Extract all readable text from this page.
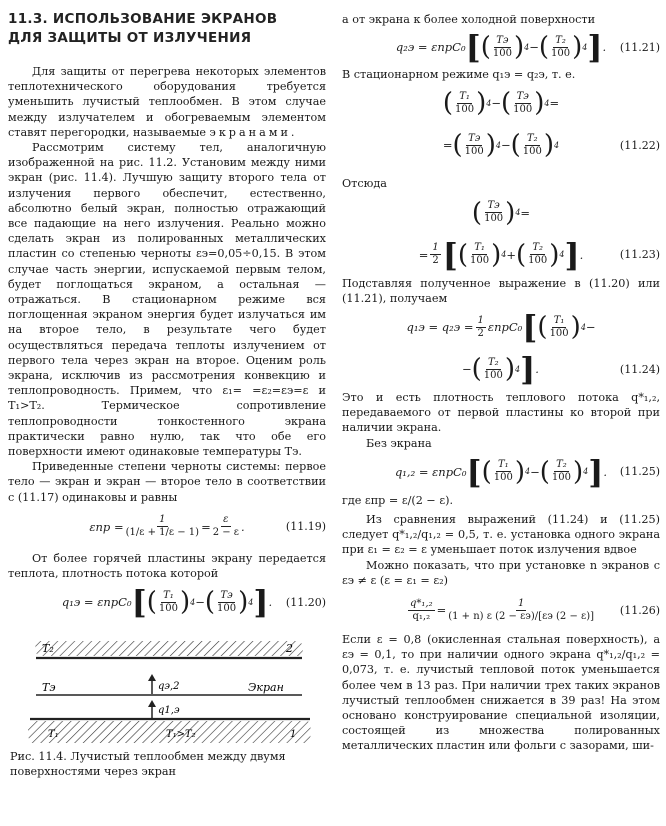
11.3. ИСПОЛЬЗОВАНИЕ ЭКРАНОВ
ДЛЯ ЗАЩИТЫ ОТ ИЗЛУЧЕНИЯ

Для защиты от перегрева некоторых элементов теплотехнического оборудования требуется уменьшить лучистый теплообмен. В этом случае между излучателем и обогреваемым элементом ставят перегородки, называемые экранами.

Рассмотрим систему тел, аналогичную изображенной на рис. 11.2. Установим между ними экран (рис. 11.4). Лучшую защиту второго тела от излучения первого обеспечит, естественно, абсолютно белый экран, полностью отражающий все падающие на него излучения. Реально можно сделать экран из полированных металлических пластин со степенью черноты εэ=0,05÷0,15. В этом случае часть энергии, испускаемой первым телом, будет поглощаться экраном, а остальная — отражаться. В стационарном режиме вся поглощенная экраном энергия будет излучаться им на второе тело, в результате чего будет осуществляться передача теплоты излучением от первого тела через экран на второе. Оценим роль экрана, исключив из рассмотрения конвекцию и теплопроводность. Примем, что ε₁= =ε₂=εэ=ε и T₁>T₂. Термическое сопротивление теплопроводности тонкостенного экрана практически равно нулю, так что обе его поверхности имеют одинаковые температуры Tэ.

Приведенные степени черноты системы: первое тело — экран и экран — второе тело в соответствии с (11.17) одинаковы и равны

$\varepsilon пр = \frac{1}{(1/\varepsilon + 1/\varepsilon - 1)} = \frac{\varepsilon}{2 - \varepsilon}$ .	(11.19)

От более горячей пластины экрану передается теплота, плотность потока которой

q₁э = εпрC₀ [ ( $\frac{\text{T₁}}{100}$ ) 4 − ( $\frac{Tэ}{100}$ ) 4 ] . (11.20)
T₂	2
Tэ	qэ,2	Экран
q1,э
T₁	T₁>T₂	1
Рис. 11.4. Лучистый теплообмен между двумя поверхностями через экран

а от экрана к более холодной поверхности

q₂э = εпрC₀ [ ( $\frac{Tэ}{100}$ ) 4 − ( $\frac{\text{T₂}}{100}$ ) 4 ] . (11.21)

В стационарном режиме q₁э = q₂э, т. е.

( $\frac{\text{T₁}}{100}$ ) 4 − ( $\frac{Tэ}{100}$ ) 4 =
= ( $\frac{Tэ}{100}$ ) 4 − ( $\frac{\text{T₂}}{100}$ ) 4	(11.22)

Отсюда

( $\frac{Tэ}{100}$ ) 4 =
= $\frac{1}{2}$ [ ( $\frac{\text{T₁}}{100}$ ) 4 + ( $\frac{\text{T₂}}{100}$ ) 4 ] .	(11.23)

Подставляя полученное выражение в (11.20) или (11.21), получаем

$q_1э = q_2э = \frac{1}{2} \varepsilon прC_0$ [ ( $\frac{\text{T₁}}{100}$ ) 4 −
− ( $\frac{\text{T₂}}{100}$ ) 4 ] .	(11.24)

Это и есть плотность теплового потока q*₁,₂, передаваемого от первой пластины ко второй при наличии экрана.

Без экрана

q₁,₂ = εпрC₀ [ ( $\frac{\text{T₁}}{100}$ ) 4 − ( $\frac{\text{T₂}}{100}$ ) 4 ] . (11.25)

где εпр = ε/(2 − ε).

Из сравнения выражений (11.24) и (11.25) следует q*₁,₂/q₁,₂ = 0,5, т. е. установка одного экрана при ε₁ = ε₂ = ε уменьшает поток излучения вдвое

Можно показать, что при установке n экранов с εэ ≠ ε (ε = ε₁ = ε₂)

$\frac{\text{q*₁,₂}}{\text{q₁,₂}} = \frac{1}{(1 + n) \varepsilon (2 - \varepsilon э)/[\varepsilon э (2 - \varepsilon)]} (11.26)$

Если ε = 0,8 (окисленная стальная поверхность), а εэ = 0,1, то при наличии одного экрана q*₁,₂/q₁,₂ = 0,073, т. е. лучистый тепловой поток уменьшается более чем в 13 раз. При наличии трех таких экранов лучистый теплообмен снижается в 39 раз! На этом основано конструирование специальной изоляции, состоящей из множества полированных металлических пластин или фольги с зазорами, ши-
